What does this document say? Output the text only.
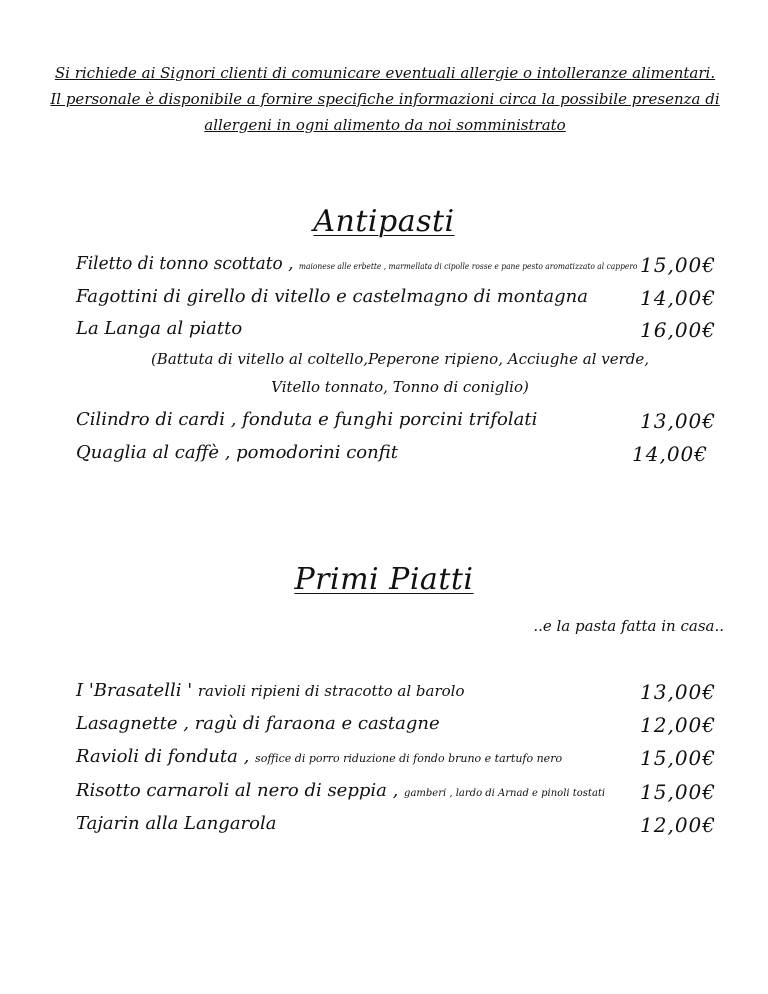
Si richiede ai Signori clienti di comunicare eventuali allergie o intolleranze alimentari.
Il personale è disponibile a fornire specifiche informazioni circa la possibile presenza di
allergeni in ogni alimento da noi somministrato
Antipasti
Filetto di tonno scottato , maionese alle erbette , marmellata di cipolle rosse e pane pesto aromatizzato al cappero 15,00€
Fagottini di girello di vitello e castelmagno di montagna	14,00€
La Langa al piatto	16,00€
(Battuta di vitello al coltello,Peperone ripieno, Acciughe al verde,
Vitello tonnato, Tonno di coniglio)
Cilindro di cardi , fonduta e funghi porcini trifolati	13,00€
Quaglia al caffè , pomodorini confit	14,00€
Primi Piatti
..e la pasta fatta in casa..
I 'Brasatelli ' ravioli ripieni di stracotto al barolo	13,00€
Lasagnette , ragù di faraona e castagne	12,00€
Ravioli di fonduta , soffice di porro riduzione di fondo bruno e tartufo nero	15,00€
Risotto carnaroli al nero di seppia , gamberi , lardo di Arnad e pinoli tostati 15,00€
Tajarin alla Langarola	12,00€
